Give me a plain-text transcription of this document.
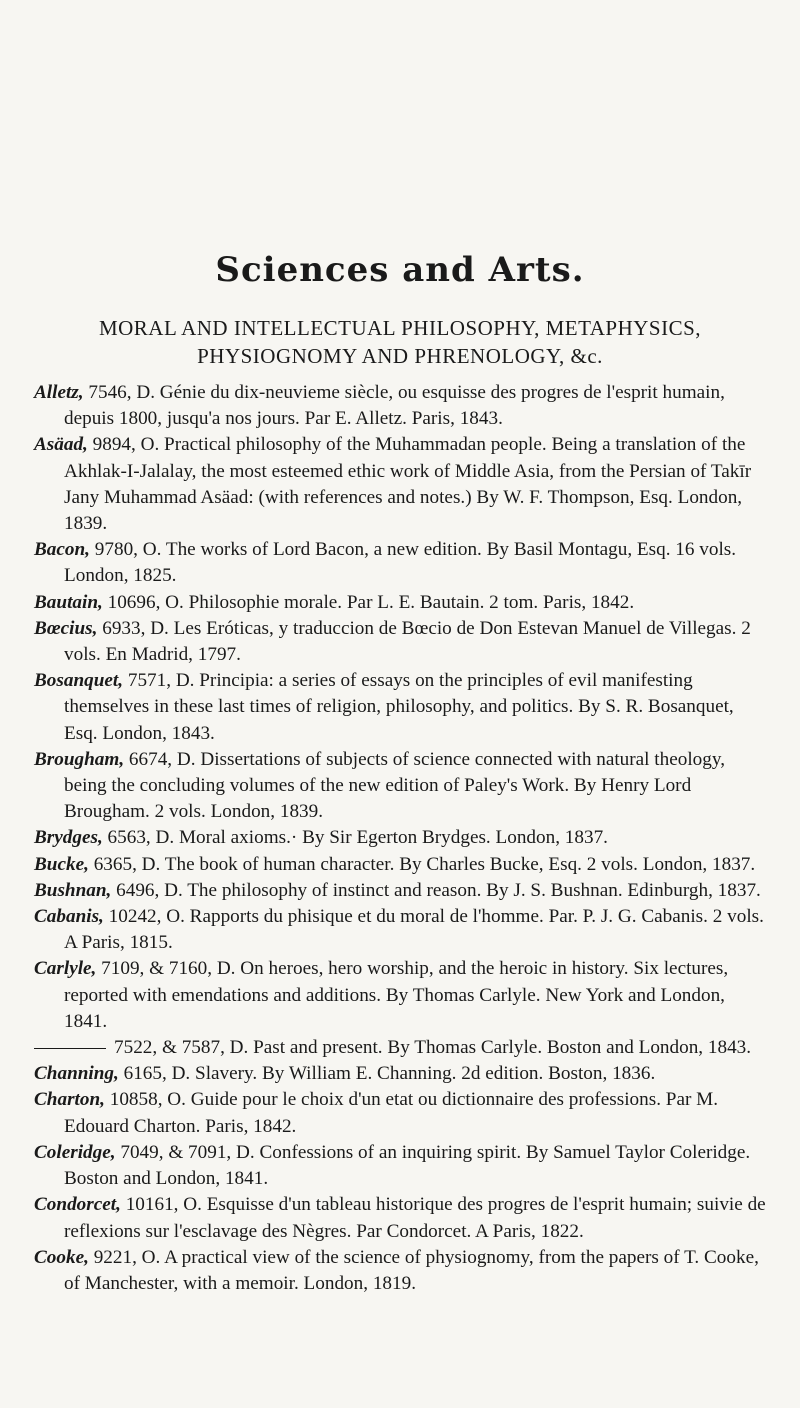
Sciences and Arts.
MORAL AND INTELLECTUAL PHILOSOPHY, METAPHYSICS, PHYSIOGNOMY AND PHRENOLOGY, &c.

Alletz, 7546, D. Génie du dix-neuvieme siècle, ou esquisse des progres de l'esprit humain, depuis 1800, jusqu'a nos jours. Par E. Alletz. Paris, 1843.

Asäad, 9894, O. Practical philosophy of the Muhammadan people. Being a translation of the Akhlak-I-Jalalay, the most esteemed ethic work of Middle Asia, from the Persian of Takīr Jany Muhammad Asäad: (with references and notes.) By W. F. Thompson, Esq. London, 1839.

Bacon, 9780, O. The works of Lord Bacon, a new edition. By Basil Montagu, Esq. 16 vols. London, 1825.

Bautain, 10696, O. Philosophie morale. Par L. E. Bautain. 2 tom. Paris, 1842.

Bœcius, 6933, D. Les Eróticas, y traduccion de Bœcio de Don Estevan Manuel de Villegas. 2 vols. En Madrid, 1797.

Bosanquet, 7571, D. Principia: a series of essays on the principles of evil manifesting themselves in these last times of religion, philosophy, and politics. By S. R. Bosanquet, Esq. London, 1843.

Brougham, 6674, D. Dissertations of subjects of science connected with natural theology, being the concluding volumes of the new edition of Paley's Work. By Henry Lord Brougham. 2 vols. London, 1839.

Brydges, 6563, D. Moral axioms.· By Sir Egerton Brydges. London, 1837.

Bucke, 6365, D. The book of human character. By Charles Bucke, Esq. 2 vols. London, 1837.

Bushnan, 6496, D. The philosophy of instinct and reason. By J. S. Bushnan. Edinburgh, 1837.

Cabanis, 10242, O. Rapports du phisique et du moral de l'homme. Par. P. J. G. Cabanis. 2 vols. A Paris, 1815.

Carlyle, 7109, & 7160, D. On heroes, hero worship, and the heroic in history. Six lectures, reported with emendations and additions. By Thomas Carlyle. New York and London, 1841.

7522, & 7587, D. Past and present. By Thomas Carlyle. Boston and London, 1843.

Channing, 6165, D. Slavery. By William E. Channing. 2d edition. Boston, 1836.

Charton, 10858, O. Guide pour le choix d'un etat ou dictionnaire des professions. Par M. Edouard Charton. Paris, 1842.

Coleridge, 7049, & 7091, D. Confessions of an inquiring spirit. By Samuel Taylor Coleridge. Boston and London, 1841.

Condorcet, 10161, O. Esquisse d'un tableau historique des progres de l'esprit humain; suivie de reflexions sur l'esclavage des Nègres. Par Condorcet. A Paris, 1822.

Cooke, 9221, O. A practical view of the science of physiognomy, from the papers of T. Cooke, of Manchester, with a memoir. London, 1819.
